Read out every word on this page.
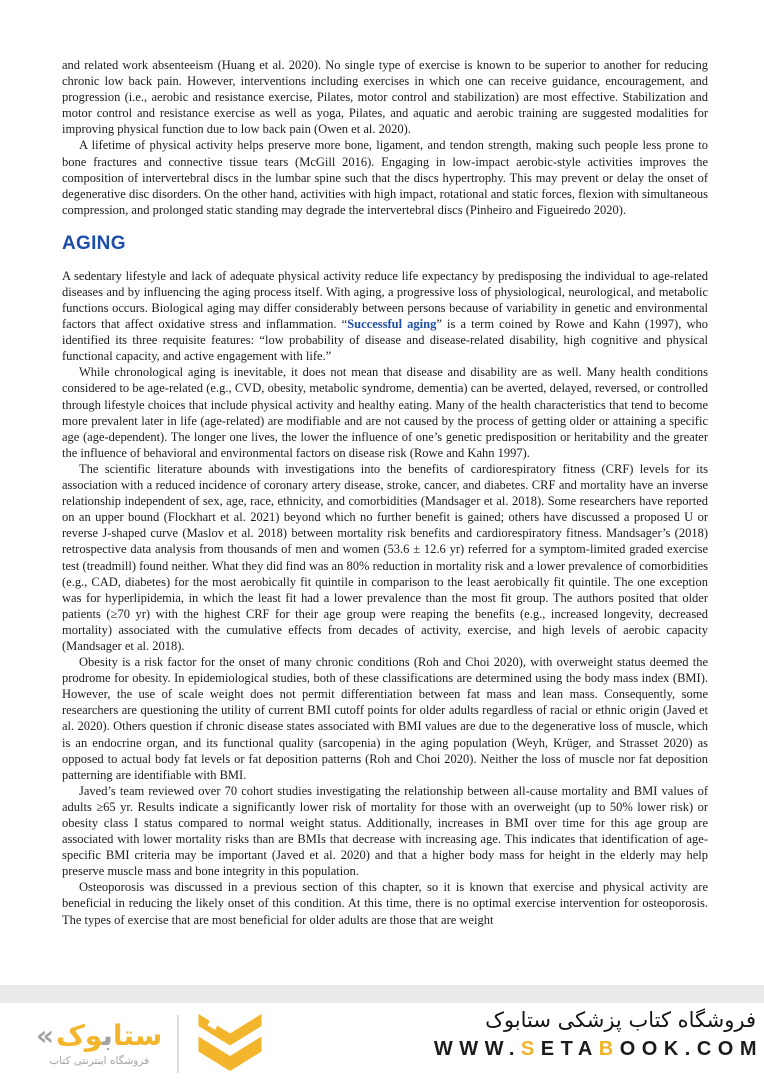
and related work absenteeism (Huang et al. 2020). No single type of exercise is known to be superior to another for reducing chronic low back pain. However, interventions including exercises in which one can receive guidance, encouragement, and progression (i.e., aerobic and resistance exercise, Pilates, motor control and stabilization) are most effective. Stabilization and motor control and resistance exercise as well as yoga, Pilates, and aquatic and aerobic training are suggested modalities for improving physical function due to low back pain (Owen et al. 2020).

A lifetime of physical activity helps preserve more bone, ligament, and tendon strength, making such people less prone to bone fractures and connective tissue tears (McGill 2016). Engaging in low-impact aerobic-style activities improves the composition of intervertebral discs in the lumbar spine such that the discs hypertrophy. This may prevent or delay the onset of degenerative disc disorders. On the other hand, activities with high impact, rotational and static forces, flexion with simultaneous compression, and prolonged static standing may degrade the intervertebral discs (Pinheiro and Figueiredo 2020).

AGING

A sedentary lifestyle and lack of adequate physical activity reduce life expectancy by predisposing the individual to age-related diseases and by influencing the aging process itself. With aging, a progressive loss of physiological, neurological, and metabolic functions occurs. Biological aging may differ considerably between persons because of variability in genetic and environmental factors that affect oxidative stress and inflammation. “Successful aging” is a term coined by Rowe and Kahn (1997), who identified its three requisite features: “low probability of disease and disease-related disability, high cognitive and physical functional capacity, and active engagement with life.”

While chronological aging is inevitable, it does not mean that disease and disability are as well. Many health conditions considered to be age-related (e.g., CVD, obesity, metabolic syndrome, dementia) can be averted, delayed, reversed, or controlled through lifestyle choices that include physical activity and healthy eating. Many of the health characteristics that tend to become more prevalent later in life (age-related) are modifiable and are not caused by the process of getting older or attaining a specific age (age-dependent). The longer one lives, the lower the influence of one’s genetic predisposition or heritability and the greater the influence of behavioral and environmental factors on disease risk (Rowe and Kahn 1997).

The scientific literature abounds with investigations into the benefits of cardiorespiratory fitness (CRF) levels for its association with a reduced incidence of coronary artery disease, stroke, cancer, and diabetes. CRF and mortality have an inverse relationship independent of sex, age, race, ethnicity, and comorbidities (Mandsager et al. 2018). Some researchers have reported on an upper bound (Flockhart et al. 2021) beyond which no further benefit is gained; others have discussed a proposed U or reverse J-shaped curve (Maslov et al. 2018) between mortality risk benefits and cardiorespiratory fitness. Mandsager’s (2018) retrospective data analysis from thousands of men and women (53.6 ± 12.6 yr) referred for a symptom-limited graded exercise test (treadmill) found neither. What they did find was an 80% reduction in mortality risk and a lower prevalence of comorbidities (e.g., CAD, diabetes) for the most aerobically fit quintile in comparison to the least aerobically fit quintile. The one exception was for hyperlipidemia, in which the least fit had a lower prevalence than the most fit group. The authors posited that older patients (≥70 yr) with the highest CRF for their age group were reaping the benefits (e.g., increased longevity, decreased mortality) associated with the cumulative effects from decades of activity, exercise, and high levels of aerobic capacity (Mandsager et al. 2018).

Obesity is a risk factor for the onset of many chronic conditions (Roh and Choi 2020), with overweight status deemed the prodrome for obesity. In epidemiological studies, both of these classifications are determined using the body mass index (BMI). However, the use of scale weight does not permit differentiation between fat mass and lean mass. Consequently, some researchers are questioning the utility of current BMI cutoff points for older adults regardless of racial or ethnic origin (Javed et al. 2020). Others question if chronic disease states associated with BMI values are due to the degenerative loss of muscle, which is an endocrine organ, and its functional quality (sarcopenia) in the aging population (Weyh, Krüger, and Strasset 2020) as opposed to actual body fat levels or fat deposition patterns (Roh and Choi 2020). Neither the loss of muscle nor fat deposition patterning are identifiable with BMI.

Javed’s team reviewed over 70 cohort studies investigating the relationship between all-cause mortality and BMI values of adults ≥65 yr. Results indicate a significantly lower risk of mortality for those with an overweight (up to 50% lower risk) or obesity class I status compared to normal weight status. Additionally, increases in BMI over time for this age group are associated with lower mortality risks than are BMIs that decrease with increasing age. This indicates that identification of age-specific BMI criteria may be important (Javed et al. 2020) and that a higher body mass for height in the elderly may help preserve muscle mass and bone integrity in this population.

Osteoporosis was discussed in a previous section of this chapter, so it is known that exercise and physical activity are beneficial in reducing the likely onset of this condition. At this time, there is no optimal exercise intervention for osteoporosis. The types of exercise that are most beneficial for older adults are those that are weight

« ستابوک
فروشگاه اینترنتی کتاب
فروشگاه کتاب پزشکی ستابوک
WWW.SETABOOK.COM
